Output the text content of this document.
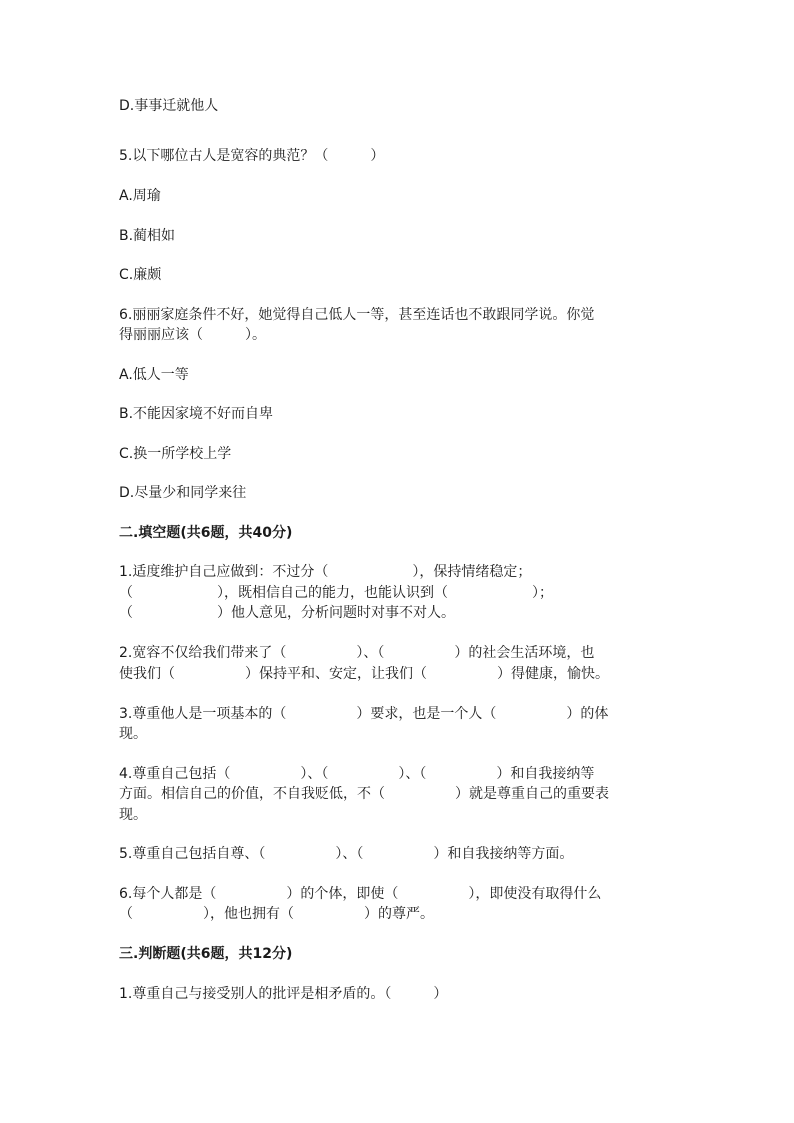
D.事事迁就他人
5.以下哪位古人是宽容的典范？（　　　）
A.周瑜
B.蔺相如
C.廉颇
6.丽丽家庭条件不好，她觉得自己低人一等，甚至连话也不敢跟同学说。你觉
得丽丽应该（　　　）。
A.低人一等
B.不能因家境不好而自卑
C.换一所学校上学
D.尽量少和同学来往
二.填空题(共6题，共40分)
1.适度维护自己应做到：不过分（　　　　　　），保持情绪稳定；
（　　　　　　），既相信自己的能力，也能认识到（　　　　　　）；
（　　　　　　）他人意见，分析问题时对事不对人。
2.宽容不仅给我们带来了（　　　　　）、（　　　　　）的社会生活环境，也
使我们（　　　　　）保持平和、安定，让我们（　　　　　）得健康，愉快。
3.尊重他人是一项基本的（　　　　　）要求，也是一个人（　　　　　）的体
现。
4.尊重自己包括（　　　　　）、（　　　　　）、（　　　　　）和自我接纳等
方面。相信自己的价值，不自我贬低，不（　　　　　）就是尊重自己的重要表
现。
5.尊重自己包括自尊、（　　　　　）、（　　　　　）和自我接纳等方面。
6.每个人都是（　　　　　）的个体，即使（　　　　　），即使没有取得什么
（　　　　　），他也拥有（　　　　　）的尊严。
三.判断题(共6题，共12分)
1.尊重自己与接受别人的批评是相矛盾的。（　　　）
